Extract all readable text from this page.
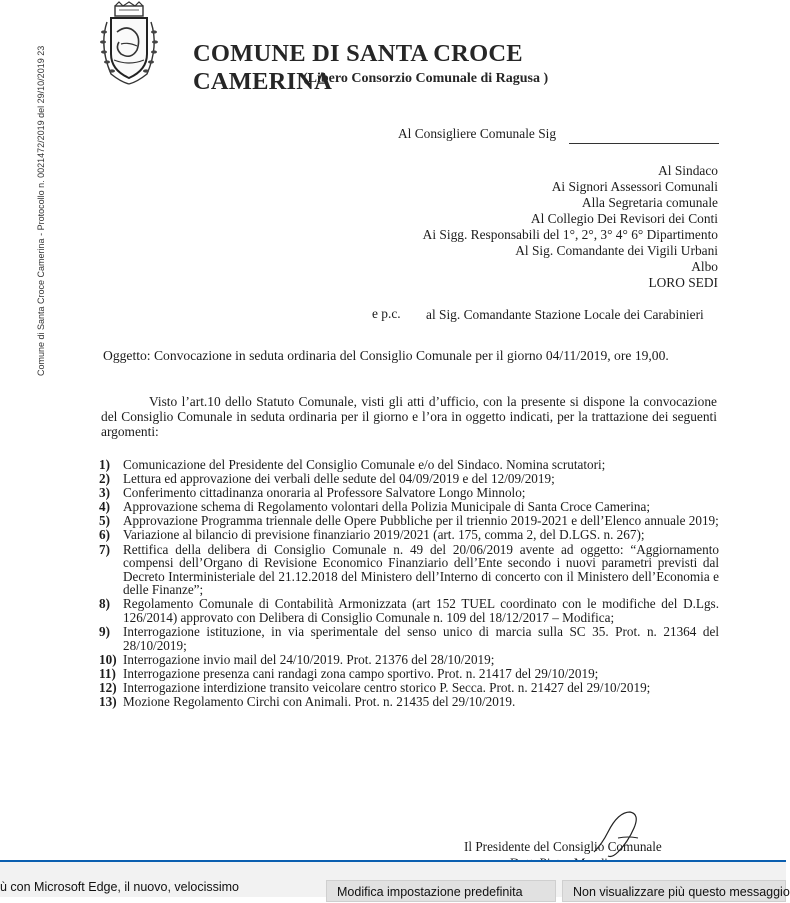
Comune di Santa Croce Camerina - Protocollo n. 0021472/2019 del 29/10/2019 23	COMUNE DI SANTA CROCE CAMERINA
(Libero Consorzio Comunale di Ragusa )
Al Consigliere Comunale Sig
Al Sindaco
Ai Signori Assessori Comunali
Alla Segretaria comunale
Al Collegio Dei Revisori dei Conti
Ai Sigg. Responsabili del 1°, 2°, 3° 4° 6° Dipartimento
Al Sig. Comandante dei Vigili Urbani
Albo
LORO SEDI
e p.c. al Sig. Comandante Stazione Locale dei Carabinieri
Oggetto: Convocazione in seduta ordinaria del Consiglio Comunale per il giorno 04/11/2019, ore 19,00.
Visto l’art.10 dello Statuto Comunale, visti gli atti d’ufficio, con la presente si dispone la convocazione del Consiglio Comunale in seduta ordinaria per il giorno e l’ora in oggetto indicati, per la trattazione dei seguenti argomenti:
1) Comunicazione del Presidente del Consiglio Comunale e/o del Sindaco. Nomina scrutatori;
2) Lettura ed approvazione dei verbali delle sedute del 04/09/2019 e del 12/09/2019;
3) Conferimento cittadinanza onoraria al Professore Salvatore Longo Minnolo;
4) Approvazione schema di Regolamento volontari della Polizia Municipale di Santa Croce Camerina;
5) Approvazione Programma triennale delle Opere Pubbliche per il triennio 2019-2021 e dell’Elenco annuale 2019;
6) Variazione al bilancio di previsione finanziario 2019/2021 (art. 175, comma 2, del D.LGS. n. 267);
7) Rettifica della delibera di Consiglio Comunale n. 49 del 20/06/2019 avente ad oggetto: “Aggiornamento compensi dell’Organo di Revisione Economico Finanziario dell’Ente secondo i nuovi parametri previsti dal Decreto Interministeriale del 21.12.2018 del Ministero dell’Interno di concerto con il Ministero dell’Economia e delle Finanze”;
8) Regolamento Comunale di Contabilità Armonizzata (art 152 TUEL coordinato con le modifiche del D.Lgs. 126/2014) approvato con Delibera di Consiglio Comunale n. 109 del 18/12/2017 – Modifica;
9) Interrogazione istituzione, in via sperimentale del senso unico di marcia sulla SC 35. Prot. n. 21364 del 28/10/2019;
10) Interrogazione invio mail del 24/10/2019. Prot. 21376 del 28/10/2019;
11) Interrogazione presenza cani randagi zona campo sportivo. Prot. n. 21417 del 29/10/2019;
12) Interrogazione interdizione transito veicolare centro storico P. Secca. Prot. n. 21427 del 29/10/2019;
13) Mozione Regolamento Circhi con Animali. Prot. n. 21435 del 29/10/2019.
Il Presidente del Consiglio Comunale
ù con Microsoft Edge, il nuovo, velocissimo	Modifica impostazione predefinita	Non visualizzare più questo messaggio
